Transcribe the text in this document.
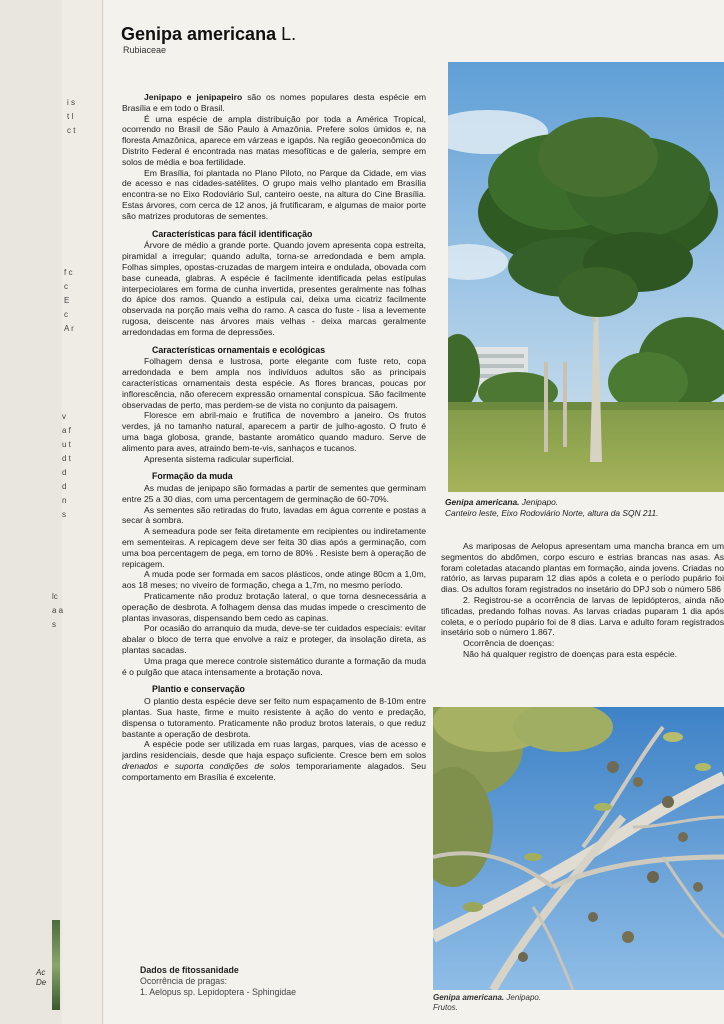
i s t l c t
f c c E c A r
v a fu td td d n s
lc a a s
Ac
De
Genipa americana L.
Rubiaceae

Jenipapo e jenipapeiro são os nomes populares desta espécie em Brasília e em todo o Brasil.

É uma espécie de ampla distribuição por toda a América Tropical, ocorrendo no Brasil de São Paulo à Amazônia. Prefere solos úmidos e, na floresta Amazônica, aparece em várzeas e igapós. Na região geoeconômica do Distrito Federal é encontrada nas matas mesofíticas e de galeria, sempre em solos de média e boa fertilidade.

Em Brasília, foi plantada no Plano Piloto, no Parque da Cidade, em vias de acesso e nas cidades-satélites. O grupo mais velho plantado em Brasília encontra-se no Eixo Rodoviário Sul, canteiro oeste, na altura do Cine Brasília. Estas árvores, com cerca de 12 anos, já frutificaram, e algumas de maior porte são matrizes produtoras de sementes.

Características para fácil identificação

Árvore de médio a grande porte. Quando jovem apresenta copa estreita, piramidal a irregular; quando adulta, torna-se arredondada e bem ampla. Folhas simples, opostas-cruzadas de margem inteira e ondulada, obovada com base cuneada, glabras. A espécie é facilmente identificada pelas estípulas interpeciolares em forma de cunha invertida, presentes geralmente nas folhas do ápice dos ramos. Quando a estípula cai, deixa uma cicatriz facilmente observada na porção mais velha do ramo. A casca do fuste - lisa a levemente rugosa, deiscente nas árvores mais velhas - deixa marcas geralmente arredondadas em forma de depressões.

Características ornamentais e ecológicas

Folhagem densa e lustrosa, porte elegante com fuste reto, copa arredondada e bem ampla nos indivíduos adultos são as principais características ornamentais desta espécie. As flores brancas, poucas por inflorescência, não oferecem expressão ornamental conspícua. São facilmente observadas de perto, mas perdem-se de vista no conjunto da paisagem.

Floresce em abril-maio e frutifica de novembro a janeiro. Os frutos verdes, já no tamanho natural, aparecem a partir de julho-agosto. O fruto é uma baga globosa, grande, bastante aromático quando maduro. Serve de alimento para aves, atraindo bem-te-vis, sanhaços e tucanos.

Apresenta sistema radicular superficial.

Formação da muda

As mudas de jenipapo são formadas a partir de sementes que germinam entre 25 a 30 dias, com uma percentagem de germinação de 60-70%.

As sementes são retiradas do fruto, lavadas em água corrente e postas a secar à sombra.

A semeadura pode ser feita diretamente em recipientes ou indiretamente em sementeiras. A repicagem deve ser feita 30 dias após a germinação, com uma boa percentagem de pega, em torno de 80% . Resiste bem à operação de repicagem.

A muda pode ser formada em sacos plásticos, onde atinge 80cm a 1,0m, aos 18 meses; no viveiro de formação, chega a 1,7m, no mesmo período.

Praticamente não produz brotação lateral, o que torna desnecessária a operação de desbrota. A folhagem densa das mudas impede o crescimento de plantas invasoras, dispensando bem cedo as capinas.

Por ocasião do arranquio da muda, deve-se ter cuidados especiais: evitar abalar o bloco de terra que envolve a raiz e proteger, da insolação direta, as plantas sacadas.

Uma praga que merece controle sistemático durante a formação da muda é o pulgão que ataca intensamente a brotação nova.

Plantio e conservação

O plantio desta espécie deve ser feito num espaçamento de 8-10m entre plantas. Sua haste, firme e muito resistente à ação do vento e predação, dispensa o tutoramento. Praticamente não produz brotos laterais, o que reduz bastante a operação de desbrota.

A espécie pode ser utilizada em ruas largas, parques, vias de acesso e jardins residenciais, desde que haja espaço suficiente. Cresce bem em solos drenados e suporta condições de solos temporariamente alagados. Seu comportamento em Brasília é excelente.

Dados de fitossanidade
Ocorrência de pragas:
1. Aelopus sp. Lepidoptera - Sphingidae
Genipa americana. Jenipapo.
Canteiro leste, Eixo Rodoviário Norte, altura da SQN 211.

As mariposas de Aelopus apresentam uma mancha branca em um segmentos do abdômen, corpo escuro e estrias brancas nas asas. As foram coletadas atacando plantas em formação, ainda jovens. Criadas no ratório, as larvas puparam 12 dias após a coleta e o período pupário foi dias. Os adultos foram registrados no insetário do DPJ sob o número 586

2. Registrou-se a ocorrência de larvas de lepidópteros, ainda não tificadas, predando folhas novas. As larvas criadas puparam 1 dia após coleta, e o período pupário foi de 8 dias. Larva e adulto foram registrados insetário sob o número 1.867.

Ocorrência de doenças:

Não há qualquer registro de doenças para esta espécie.

Genipa americana. Jenipapo.
Frutos.
